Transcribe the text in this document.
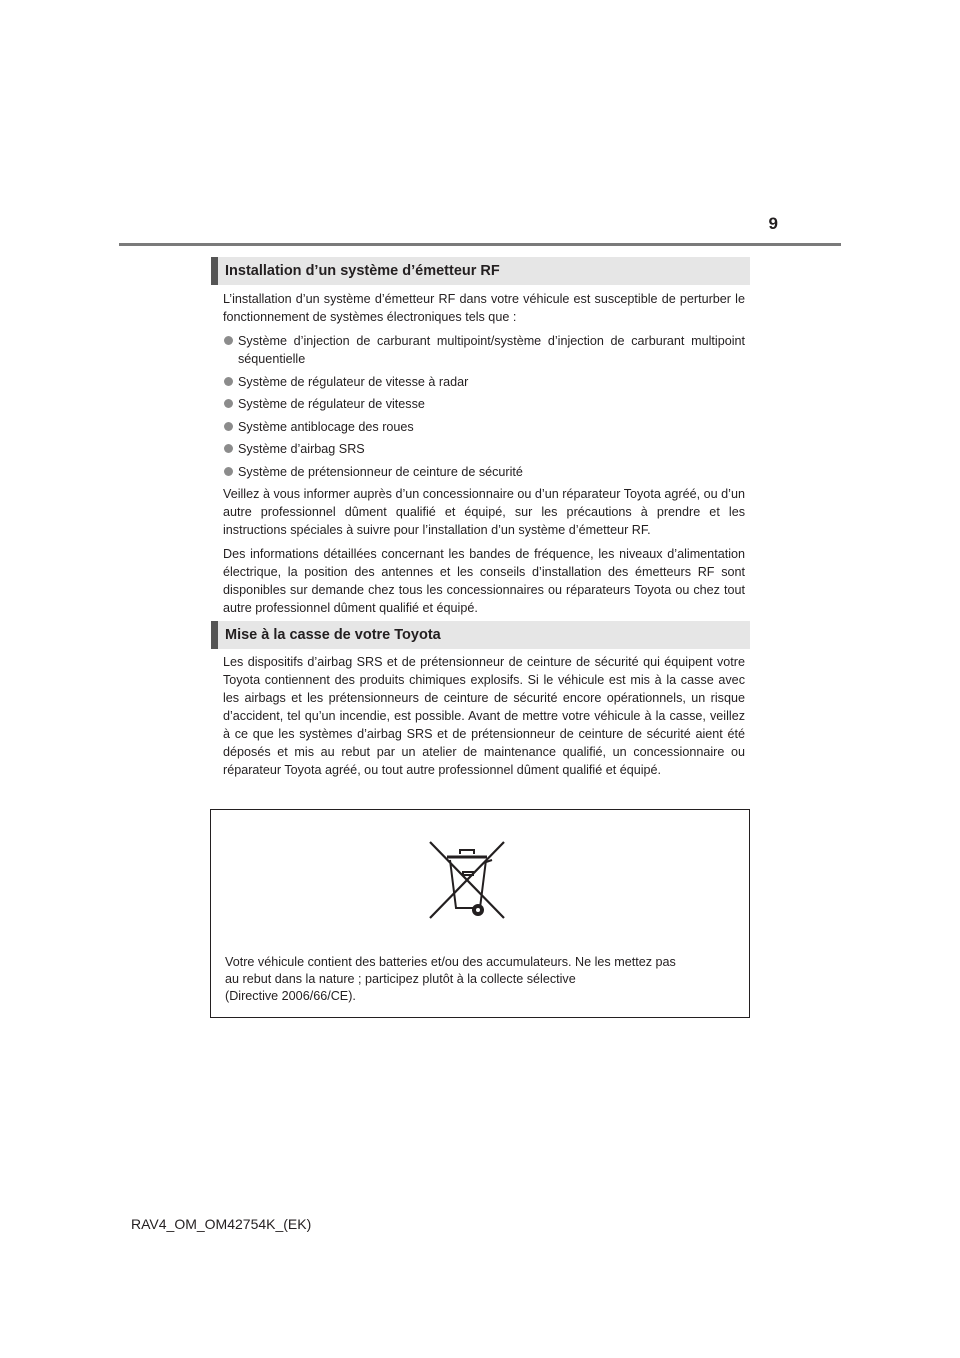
9
Installation d’un système d’émetteur RF

L’installation d’un système d’émetteur RF dans votre véhicule est susceptible de perturber le fonctionnement de systèmes électroniques tels que :

Système d’injection de carburant multipoint/système d’injection de carburant multipoint séquentielle
Système de régulateur de vitesse à radar
Système de régulateur de vitesse
Système antiblocage des roues
Système d’airbag SRS
Système de prétensionneur de ceinture de sécurité

Veillez à vous informer auprès d’un concessionnaire ou d’un réparateur Toyota agréé, ou d’un autre professionnel dûment qualifié et équipé, sur les précautions à prendre et les instructions spéciales à suivre pour l’installation d’un système d’émetteur RF.

Des informations détaillées concernant les bandes de fréquence, les niveaux d’alimentation électrique, la position des antennes et les conseils d’installation des émetteurs RF sont disponibles sur demande chez tous les concessionnaires ou réparateurs Toyota ou chez tout autre professionnel dûment qualifié et équipé.

Mise à la casse de votre Toyota

Les dispositifs d’airbag SRS et de prétensionneur de ceinture de sécurité qui équipent votre Toyota contiennent des produits chimiques explosifs. Si le véhicule est mis à la casse avec les airbags et les prétensionneurs de ceinture de sécurité encore opérationnels, un risque d’accident, tel qu’un incendie, est possible. Avant de mettre votre véhicule à la casse, veillez à ce que les systèmes d’airbag SRS et de prétensionneur de ceinture de sécurité aient été déposés et mis au rebut par un atelier de maintenance qualifié, un concessionnaire ou réparateur Toyota agréé, ou tout autre professionnel dûment qualifié et équipé.

Votre véhicule contient des batteries et/ou des accumulateurs. Ne les mettez pas
au rebut dans la nature ; participez plutôt à la collecte sélective
(Directive 2006/66/CE).
RAV4_OM_OM42754K_(EK)
